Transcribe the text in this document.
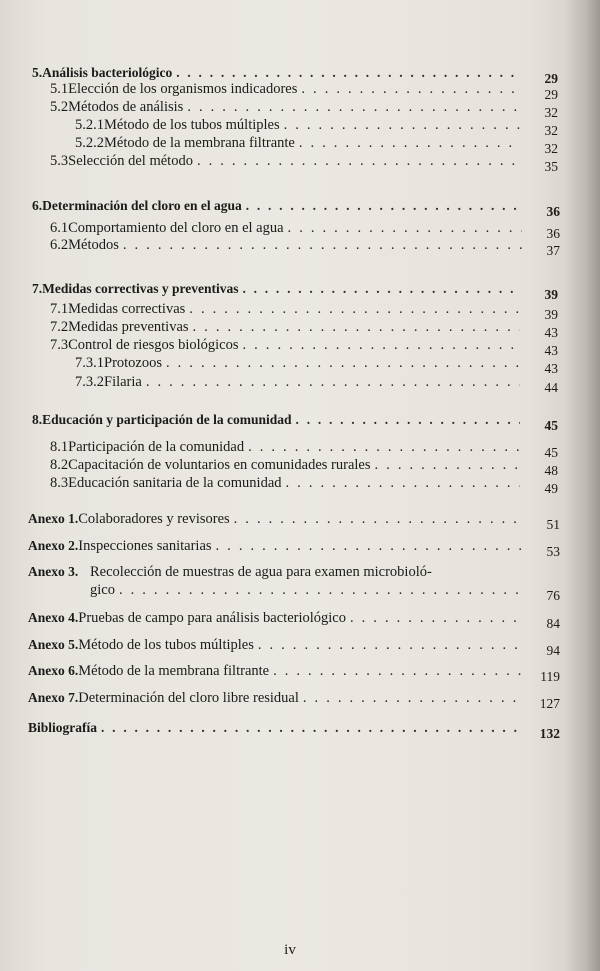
5. Análisis bacteriológico . . .	29
5.1 Elección de los organismos indicadores . . .	29
5.2 Métodos de análisis . . .	32
5.2.1 Método de los tubos múltiples . . .	32
5.2.2 Método de la membrana filtrante . . .	32
5.3 Selección del método . . .	35
6. Determinación del cloro en el agua . . .	36
6.1 Comportamiento del cloro en el agua . . .	36
6.2 Métodos . . .	37
7. Medidas correctivas y preventivas . . .	39
7.1 Medidas correctivas . . .	39
7.2 Medidas preventivas . . .	43
7.3 Control de riesgos biológicos . . .	43
7.3.1 Protozoos . . .	43
7.3.2 Filaria . . .	44
8. Educación y participación de la comunidad . . .	45
8.1 Participación de la comunidad . . .	45
8.2 Capacitación de voluntarios en comunidades rurales . . .	48
8.3 Educación sanitaria de la comunidad . . .	49
Anexo 1. Colaboradores y revisores . . .	51
Anexo 2. Inspecciones sanitarias . . .	53
Anexo 3. Recolección de muestras de agua para examen microbioló-
gico . . .	76
Anexo 4. Pruebas de campo para análisis bacteriológico . . .	84
Anexo 5. Método de los tubos múltiples . . .	94
Anexo 6. Método de la membrana filtrante . . .	119
Anexo 7. Determinación del cloro libre residual . . .	127
Bibliografía . . .	132
iv
